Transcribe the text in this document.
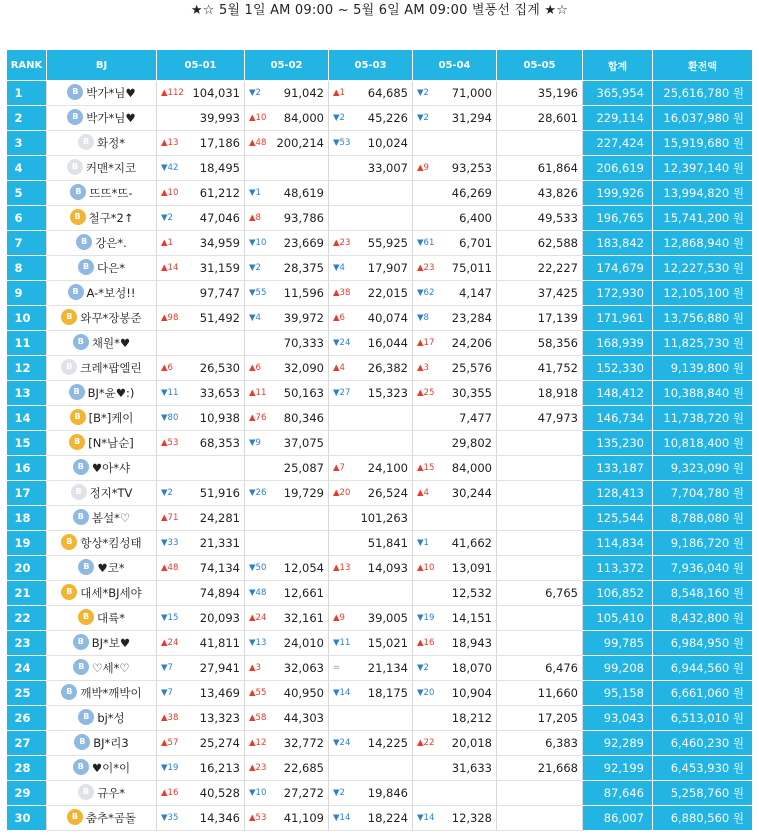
★☆ 5월 1일 AM 09:00 ~ 5월 6일 AM 09:00 별풍선 집계 ★☆
RANK	BJ	05-01	05-02	05-03	05-04	05-05	합계	환전액
1	B 박가*님♥	▲112 104,031	▼2 91,042	▲1 64,685	▼2 71,000	35,196	365,954	25,616,780 원
2	B 박가*님♥	39,993	▲10 84,000	▼2 45,226	▼2 31,294	28,601	229,114	16,037,980 원
3	B 화정*	▲13 17,186	▲48 200,214	▼53 10,024			227,424	15,919,680 원
4	B 커맨*지코	▼42 18,495		33,007	▲9 93,253	61,864	206,619	12,397,140 원
5	B 뜨뜨*뜨-	▲10 61,212	▼1 48,619		46,269	43,826	199,926	13,994,820 원
6	B 철구*2↑	▼2 47,046	▲8 93,786		6,400	49,533	196,765	15,741,200 원
7	B 강은*.	▲1 34,959	▼10 23,669	▲23 55,925	▼61 6,701	62,588	183,842	12,868,940 원
8	B 다은*	▲14 31,159	▼2 28,375	▼4 17,907	▲23 75,011	22,227	174,679	12,227,530 원
9	B A-*보성!!	97,747	▼55 11,596	▲38 22,015	▼62 4,147	37,425	172,930	12,105,100 원
10	B 와꾸*장봉준	▲98 51,492	▼4 39,972	▲6 40,074	▼8 23,284	17,139	171,961	13,756,880 원
11	B 채원*♥		70,333	▼24 16,044	▲17 24,206	58,356	168,939	11,825,730 원
12	B 크레*팝엘린	▲6 26,530	▲6 32,090	▲4 26,382	▲3 25,576	41,752	152,330	9,139,800 원
13	B BJ*윤♥:)	▼11 33,653	▲11 50,163	▼27 15,323	▲25 30,355	18,918	148,412	10,388,840 원
14	B [B*]케이	▼80 10,938	▲76 80,346		7,477	47,973	146,734	11,738,720 원
15	B [N*남순]	▲53 68,353	▼9 37,075		29,802		135,230	10,818,400 원
16	B ♥아*샤		25,087	▲7 24,100	▲15 84,000		133,187	9,323,090 원
17	B 정지*TV	▼2 51,916	▼26 19,729	▲20 26,524	▲4 30,244		128,413	7,704,780 원
18	B 봄설*♡	▲71 24,281		101,263			125,544	8,788,080 원
19	B 항상*킴성태	▼33 21,331		51,841	▼1 41,662		114,834	9,186,720 원
20	B ♥코*	▲48 74,134	▼50 12,054	▲13 14,093	▲10 13,091		113,372	7,936,040 원
21	B 대세*BJ세야	74,894	▼48 12,661		12,532	6,765	106,852	8,548,160 원
22	B 대륙*	▼15 20,093	▲24 32,161	▲9 39,005	▼19 14,151		105,410	8,432,800 원
23	B BJ*보♥	▲24 41,811	▼13 24,010	▼11 15,021	▲16 18,943		99,785	6,984,950 원
24	B ♡세*♡	▼7 27,941	▲3 32,063	= 21,134	▼2 18,070	6,476	99,208	6,944,560 원
25	B 깨박*깨박이	▼7 13,469	▲55 40,950	▼14 18,175	▼20 10,904	11,660	95,158	6,661,060 원
26	B bj*성	▲38 13,323	▲58 44,303		18,212	17,205	93,043	6,513,010 원
27	B BJ*리3	▲57 25,274	▲12 32,772	▼24 14,225	▲22 20,018	6,383	92,289	6,460,230 원
28	B ♥이*이	▼19 16,213	▲23 22,685		31,633	21,668	92,199	6,453,930 원
29	B 규우*	▲16 40,528	▼10 27,272	▼2 19,846			87,646	5,258,760 원
30	B 춤추*곰돌	▼35 14,346	▲53 41,109	▼14 18,224	▼14 12,328		86,007	6,880,560 원
